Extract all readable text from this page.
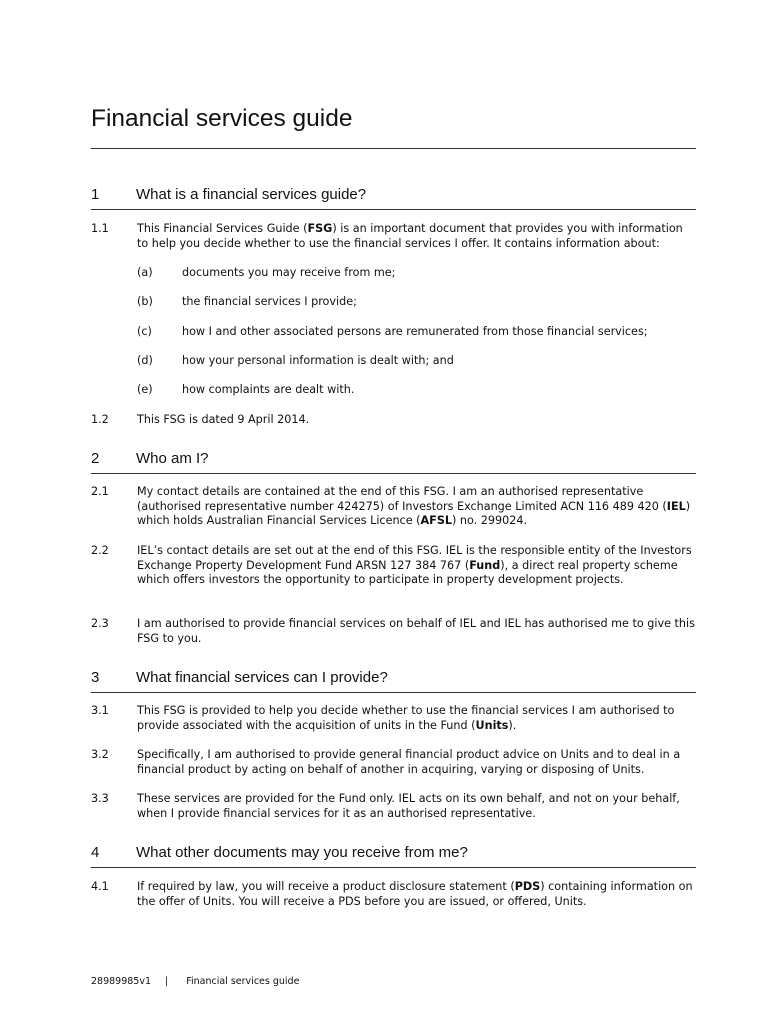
Financial services guide
1 What is a financial services guide?
1.1	This Financial Services Guide (FSG) is an important document that provides you with information to help you decide whether to use the financial services I offer. It contains information about:
(a)	documents you may receive from me;
(b)	the financial services I provide;
(c)	how I and other associated persons are remunerated from those financial services;
(d)	how your personal information is dealt with; and
(e)	how complaints are dealt with.
1.2	This FSG is dated 9 April 2014.
2 Who am I?
2.1	My contact details are contained at the end of this FSG. I am an authorised representative (authorised representative number 424275) of Investors Exchange Limited ACN 116 489 420 (IEL) which holds Australian Financial Services Licence (AFSL) no. 299024.
2.2	IEL’s contact details are set out at the end of this FSG. IEL is the responsible entity of the Investors Exchange Property Development Fund ARSN 127 384 767 (Fund), a direct real property scheme which offers investors the opportunity to participate in property development projects.
2.3	I am authorised to provide financial services on behalf of IEL and IEL has authorised me to give this FSG to you.
3 What financial services can I provide?
3.1	This FSG is provided to help you decide whether to use the financial services I am authorised to provide associated with the acquisition of units in the Fund (Units).
3.2	Specifically, I am authorised to provide general financial product advice on Units and to deal in a financial product by acting on behalf of another in acquiring, varying or disposing of Units.
3.3	These services are provided for the Fund only. IEL acts on its own behalf, and not on your behalf, when I provide financial services for it as an authorised representative.
4 What other documents may you receive from me?
4.1	If required by law, you will receive a product disclosure statement (PDS) containing information on the offer of Units. You will receive a PDS before you are issued, or offered, Units.
28989985v1 | Financial services guide
